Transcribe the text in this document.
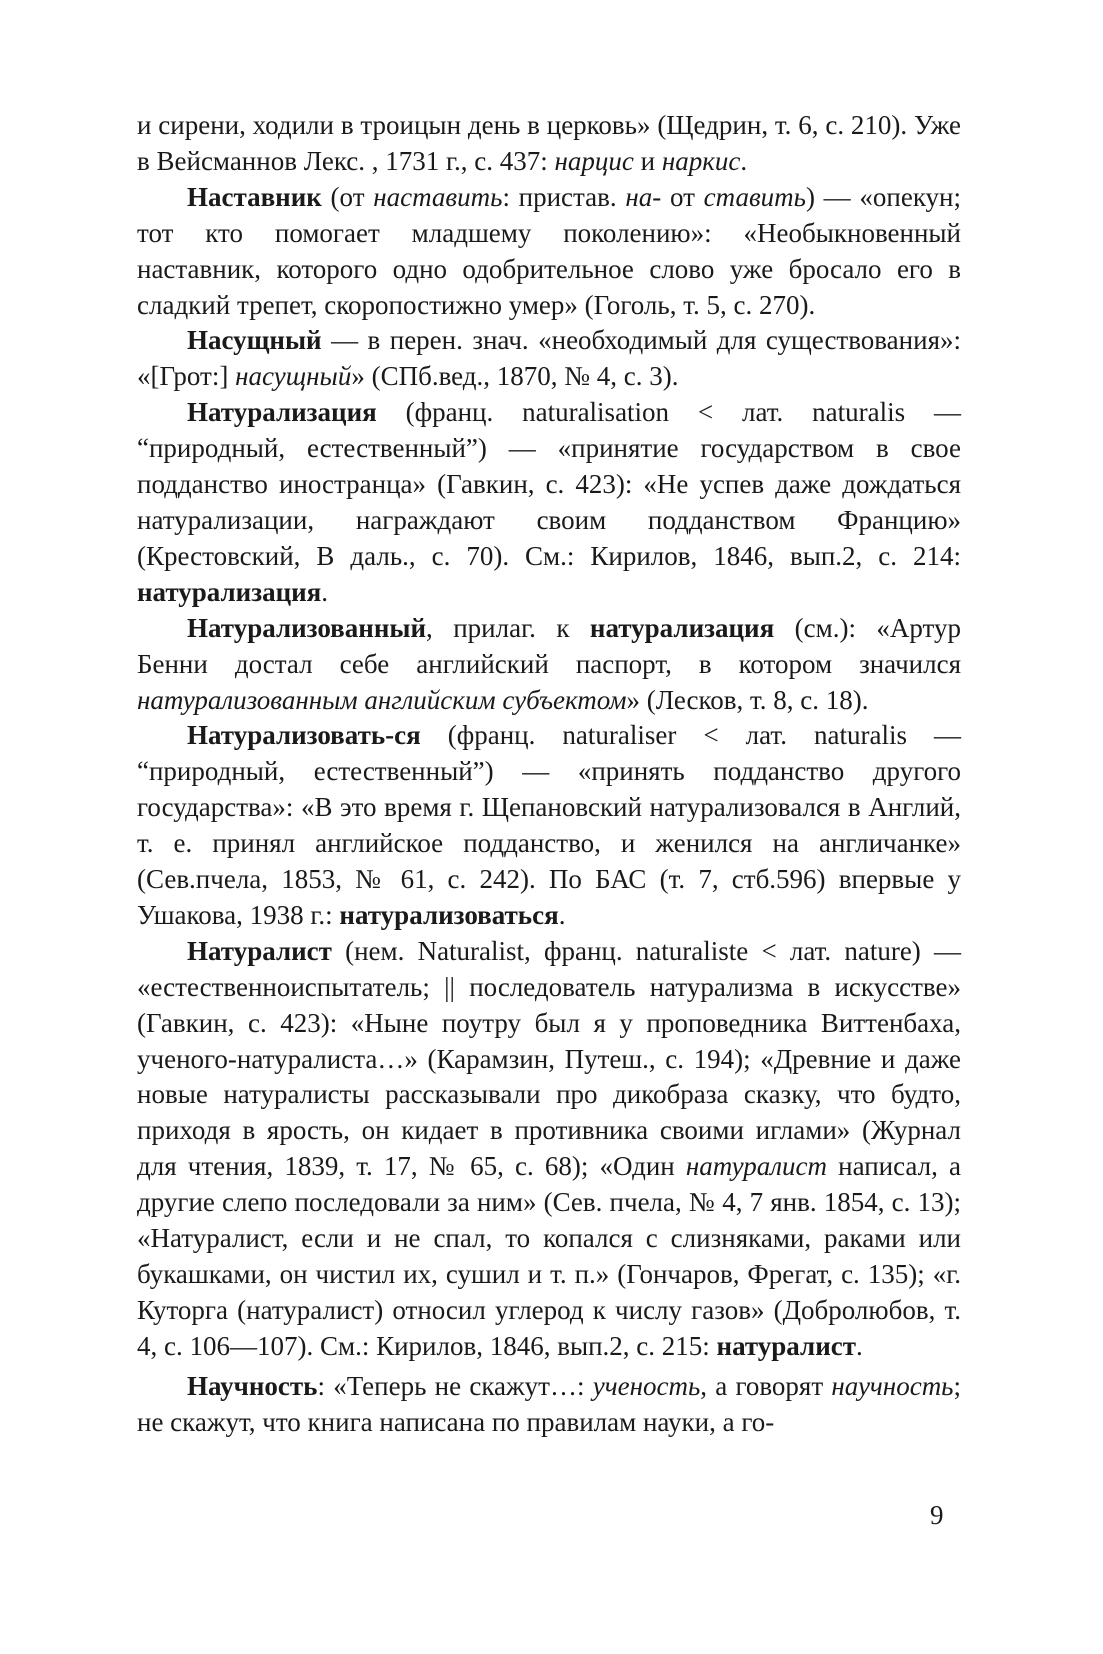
и сирени, ходили в троицын день в церковь» (Щедрин, т. 6, с. 210). Уже в Вейсманнов Лекс. , 1731 г., с. 437: нарцис и наркис.

Наставник (от наставить: пристав. на- от ставить) — «опекун; тот кто помогает младшему поколению»: «Необыкновенный наставник, которого одно одобрительное слово уже бросало его в сладкий трепет, скоропостижно умер» (Гоголь, т. 5, с. 270).

Насущный — в перен. знач. «необходимый для существования»: «[Грот:] насущный» (СПб.вед., 1870, № 4, с. 3).

Натурализация (франц. naturalisation < лат. naturalis — “природный, естественный”) — «принятие государством в свое подданство иностранца» (Гавкин, с. 423): «Не успев даже дождаться натурализации, награждают своим подданством Францию» (Крестовский, В даль., с. 70). См.: Кирилов, 1846, вып.2, с. 214: натурализация.

Натурализованный, прилаг. к натурализация (см.): «Артур Бенни достал себе английский паспорт, в котором значился натурализованным английским субъектом» (Лесков, т. 8, с. 18).

Натурализовать-ся (франц. naturaliser < лат. naturalis — “природный, естественный”) — «принять подданство другого государства»: «В это время г. Щепановский натурализовался в Англий, т. е. принял английское подданство, и женился на англичанке» (Сев.пчела, 1853, № 61, с. 242). По БАС (т. 7, стб.596) впервые у Ушакова, 1938 г.: натурализоваться.

Натуралист (нем. Naturalist, франц. naturaliste < лат. nature) — «естественноиспытатель; || последователь натурализма в искусстве» (Гавкин, с. 423): «Ныне поутру был я у проповедника Виттенбаха, ученого-натуралиста…» (Карамзин, Путеш., с. 194); «Древние и даже новые натуралисты рассказывали про дикобраза сказку, что будто, приходя в ярость, он кидает в противника своими иглами» (Журнал для чтения, 1839, т. 17, № 65, с. 68); «Один натуралист написал, а другие слепо последовали за ним» (Сев. пчела, № 4, 7 янв. 1854, с. 13); «Натуралист, если и не спал, то копался с слизняками, раками или букашками, он чистил их, сушил и т. п.» (Гончаров, Фрегат, с. 135); «г. Куторга (натуралист) относил углерод к числу газов» (Добролюбов, т. 4, с. 106—107). См.: Кирилов, 1846, вып.2, с. 215: натуралист.

Научность: «Теперь не скажут…: ученость, а говорят научность; не скажут, что книга написана по правилам науки, а го-

9
